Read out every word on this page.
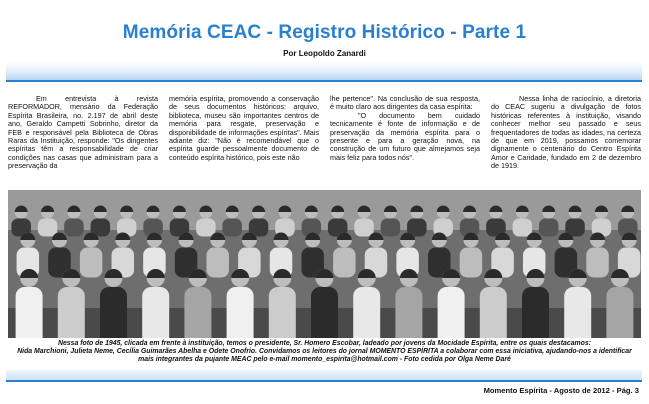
Memória CEAC - Registro Histórico - Parte 1
Por Leopoldo Zanardi

Em entrevista à revista REFORMADOR, mensário da Federação Espírita Brasileira, no. 2.197 de abril deste ano, Geraldo Campetti Sobrinho, diretor da FEB e responsável pela Biblioteca de Obras Raras da Instituição, responde: "Os dirigentes espíritas têm a responsabilidade de criar condições nas casas que administram para a preservação da

memória espírita, promovendo a conservação de seus documentos históricos: arquivo, biblioteca, museu são importantes centros de memória para resgate, preservação e disponibilidade de informações espíritas". Mais adiante diz: "Não é recomendável que o espírita guarde pessoalmente documento de conteúdo espírita histórico, pois este não

lhe pertence". Na conclusão de sua resposta, é muito claro aos dirigentes da casa espírita:

"O documento bem cuidado tecnicamente é fonte de informação e de preservação da memória espírita para o presente e para a geração nova, na construção de um futuro que almejamos seja mais feliz para todos nós".

Nessa linha de raciocínio, a diretoria do CEAC sugeriu a divulgação de fotos históricas referentes à instituição, visando conhecer melhor seu passado e seus frequentadores de todas as idades, na certeza de que em 2019, possamos comemorar dignamente o centenário do Centro Espírita Amor e Caridade, fundado em 2 de dezembro de 1919.

Nessa foto de 1945, clicada em frente à instituição, temos o presidente, Sr. Homero Escobar, ladeado por jovens da Mocidade Espírita, entre os quais destacamos:
Nida Marchioni, Julieta Neme, Cecília Guimarães Abelha e Odete Onofrio. Convidamos os leitores do jornal MOMENTO ESPÍRITA a colaborar com essa iniciativa, ajudando-nos a identificar
mais integrantes da pujante MEAC pelo e-mail momento_espirita@hotmail.com - Foto cedida por Olga Neme Daré
Momento Espírita - Agosto de 2012 - Pág. 3
